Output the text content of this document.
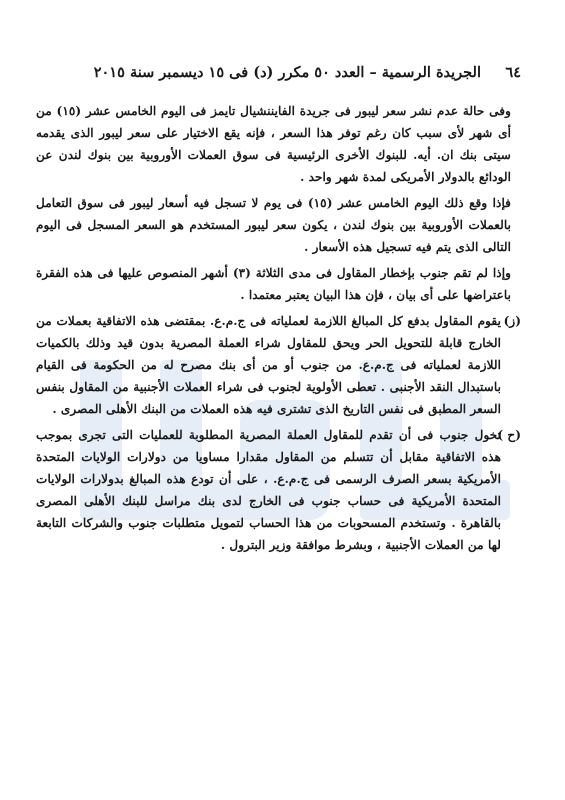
٦٤
الجريدة الرسمية – العدد ٥٠ مكرر (د) فى ١٥ ديسمبر سنة ٢٠١٥

وفى حالة عدم نشر سعر ليبور فى جريدة الفايننشيال تايمز فى اليوم الخامس عشر (١٥) من أى شهر لأى سبب كان رغم توفر هذا السعر ، فإنه يقع الاختيار على سعر ليبور الذى يقدمه سيتى بنك ان. أيه. للبنوك الأخرى الرئيسية فى سوق العملات الأوروبية بين بنوك لندن عن الودائع بالدولار الأمريكى لمدة شهر واحد .

فإذا وقع ذلك اليوم الخامس عشر (١٥) فى يوم لا تسجل فيه أسعار ليبور فى سوق التعامل بالعملات الأوروبية بين بنوك لندن ، يكون سعر ليبور المستخدم هو السعر المسجل فى اليوم التالى الذى يتم فيه تسجيل هذه الأسعار .

وإذا لم تقم جنوب بإخطار المقاول فى مدى الثلاثة (٣) أشهر المنصوص عليها فى هذه الفقرة باعتراضها على أى بيان ، فإن هذا البيان يعتبر معتمدا .

(ز)

يقوم المقاول بدفع كل المبالغ اللازمة لعملياته فى ج.م.ع. بمقتضى هذه الاتفاقية بعملات من الخارج قابلة للتحويل الحر ويحق للمقاول شراء العملة المصرية بدون قيد وذلك بالكميات اللازمة لعملياته فى ج.م.ع. من جنوب أو من أى بنك مصرح له من الحكومة فى القيام باستبدال النقد الأجنبى . تعطى الأولوية لجنوب فى شراء العملات الأجنبية من المقاول بنفس السعر المطبق فى نفس التاريخ الذى تشترى فيه هذه العملات من البنك الأهلى المصرى .

(ح )

تخول جنوب فى أن تقدم للمقاول العملة المصرية المطلوبة للعمليات التى تجرى بموجب هذه الاتفاقية مقابل أن تتسلم من المقاول مقدارا مساويا من دولارات الولايات المتحدة الأمريكية بسعر الصرف الرسمى فى ج.م.ع. ، على أن تودع هذه المبالغ بدولارات الولايات المتحدة الأمريكية فى حساب جنوب فى الخارج لدى بنك مراسل للبنك الأهلى المصرى بالقاهرة . وتستخدم المسحوبات من هذا الحساب لتمويل متطلبات جنوب والشركات التابعة لها من العملات الأجنبية ، وبشرط موافقة وزير البترول .
